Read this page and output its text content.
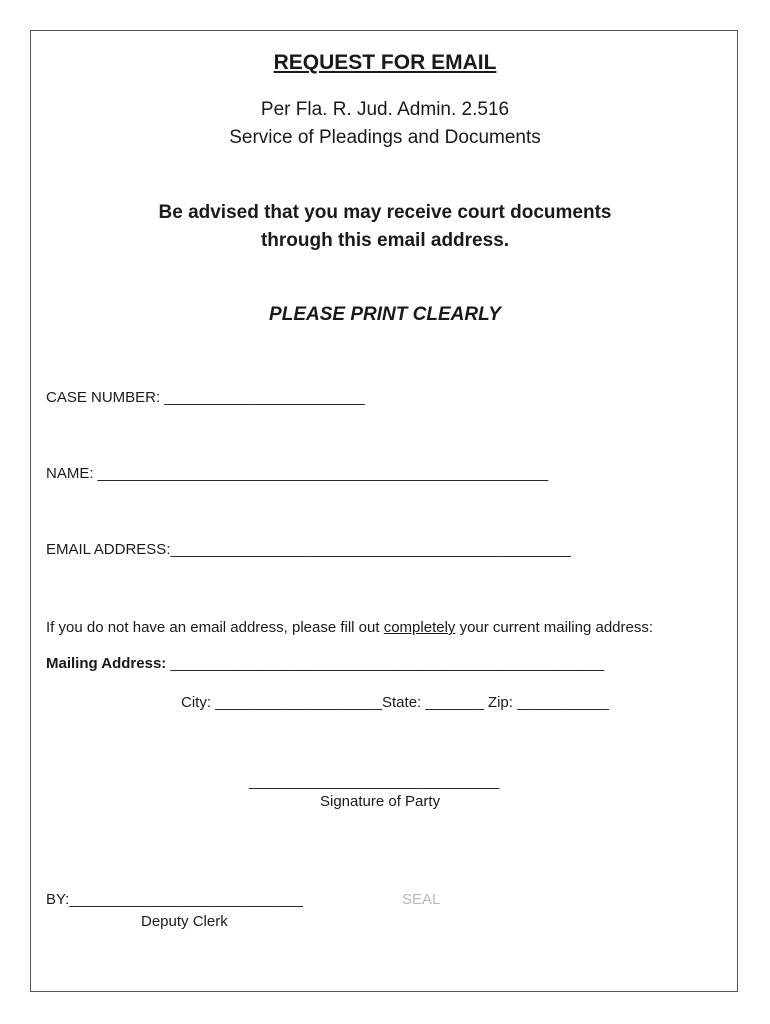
REQUEST FOR EMAIL
Per Fla. R. Jud. Admin. 2.516
Service of Pleadings and Documents
Be advised that you may receive court documents
through this email address.
PLEASE PRINT CLEARLY
CASE NUMBER: ________________________
NAME: ______________________________________________________
EMAIL ADDRESS:________________________________________________
If you do not have an email address, please fill out completely your current mailing address:
Mailing Address: ____________________________________________________
City: ____________________State: _______ Zip: ___________
______________________________
Signature of Party
BY:____________________________
Deputy Clerk
SEAL
